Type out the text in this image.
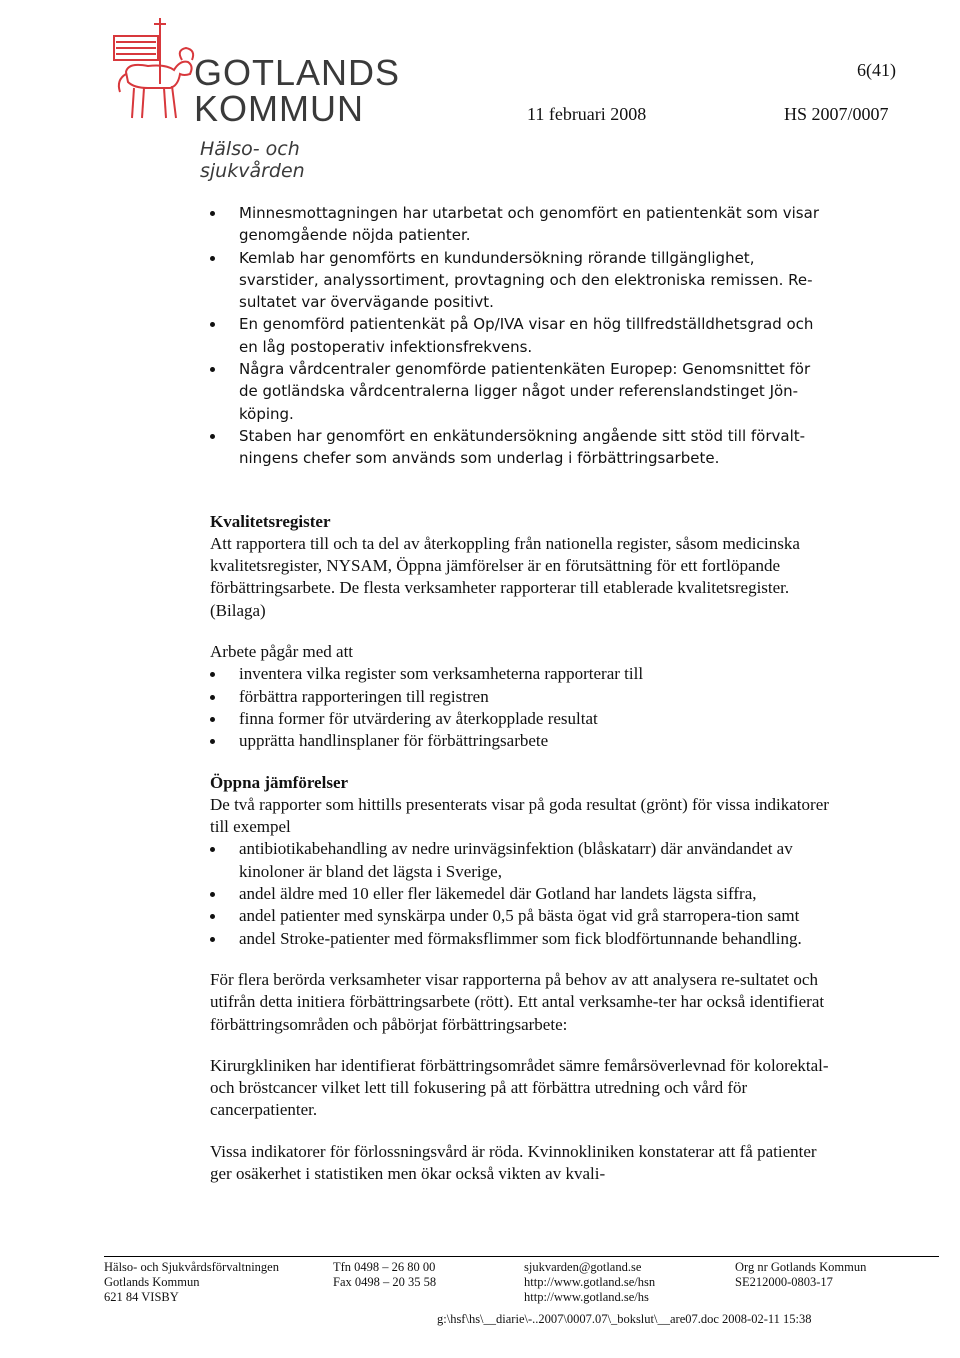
GOTLANDS
KOMMUN
Hälso- och sjukvården
6(41)
11 februari 2008	HS 2007/0007
Minnesmottagningen har utarbetat och genomfört en patientenkät som visar genomgående nöjda patienter.
Kemlab har genomförts en kundundersökning rörande tillgänglighet, svarstider, analyssortiment, provtagning och den elektroniska remissen. Re-sultatet var övervägande positivt.
En genomförd patientenkät på Op/IVA visar en hög tillfredställdhetsgrad och en låg postoperativ infektionsfrekvens.
Några vårdcentraler genomförde patientenkäten Europep: Genomsnittet för de gotländska vårdcentralerna ligger något under referenslandstinget Jön-köping.
Staben har genomfört en enkätundersökning angående sitt stöd till förvalt-ningens chefer som används som underlag i förbättringsarbete.
Kvalitetsregister

Att rapportera till och ta del av återkoppling från nationella register, såsom medicinska kvalitetsregister, NYSAM, Öppna jämförelser är en förutsättning för ett fortlöpande förbättringsarbete. De flesta verksamheter rapporterar till etablerade kvalitetsregister. (Bilaga)

Arbete pågår med att

inventera vilka register som verksamheterna rapporterar till
förbättra rapporteringen till registren
finna former för utvärdering av återkopplade resultat
upprätta handlinsplaner för förbättringsarbete
Öppna jämförelser

De två rapporter som hittills presenterats visar på goda resultat (grönt) för vissa indikatorer till exempel

antibiotikabehandling av nedre urinvägsinfektion (blåskatarr) där användandet av kinoloner är bland det lägsta i Sverige,
andel äldre med 10 eller fler läkemedel där Gotland har landets lägsta siffra,
andel patienter med synskärpa under 0,5 på bästa ögat vid grå starropera-tion samt
andel Stroke-patienter med förmaksflimmer som fick blodförtunnande behandling.

För flera berörda verksamheter visar rapporterna på behov av att analysera re-sultatet och utifrån detta initiera förbättringsarbete (rött). Ett antal verksamhe-ter har också identifierat förbättringsområden och påbörjat förbättringsarbete:

Kirurgkliniken har identifierat förbättringsområdet sämre femårsöverlevnad för kolorektal- och bröstcancer vilket lett till fokusering på att förbättra utredning och vård för cancerpatienter.

Vissa indikatorer för förlossningsvård är röda. Kvinnokliniken konstaterar att få patienter ger osäkerhet i statistiken men ökar också vikten av kvali-

Hälso- och Sjukvårdsförvaltningen
Gotlands Kommun
621 84 VISBY
Tfn 0498 – 26 80 00
Fax 0498 – 20 35 58
sjukvarden@gotland.se
http://www.gotland.se/hsn
http://www.gotland.se/hs
Org nr Gotlands Kommun
SE212000-0803-17
g:\hsf\hs\__diarie\-..2007\0007.07\_bokslut\__are07.doc 2008-02-11 15:38
